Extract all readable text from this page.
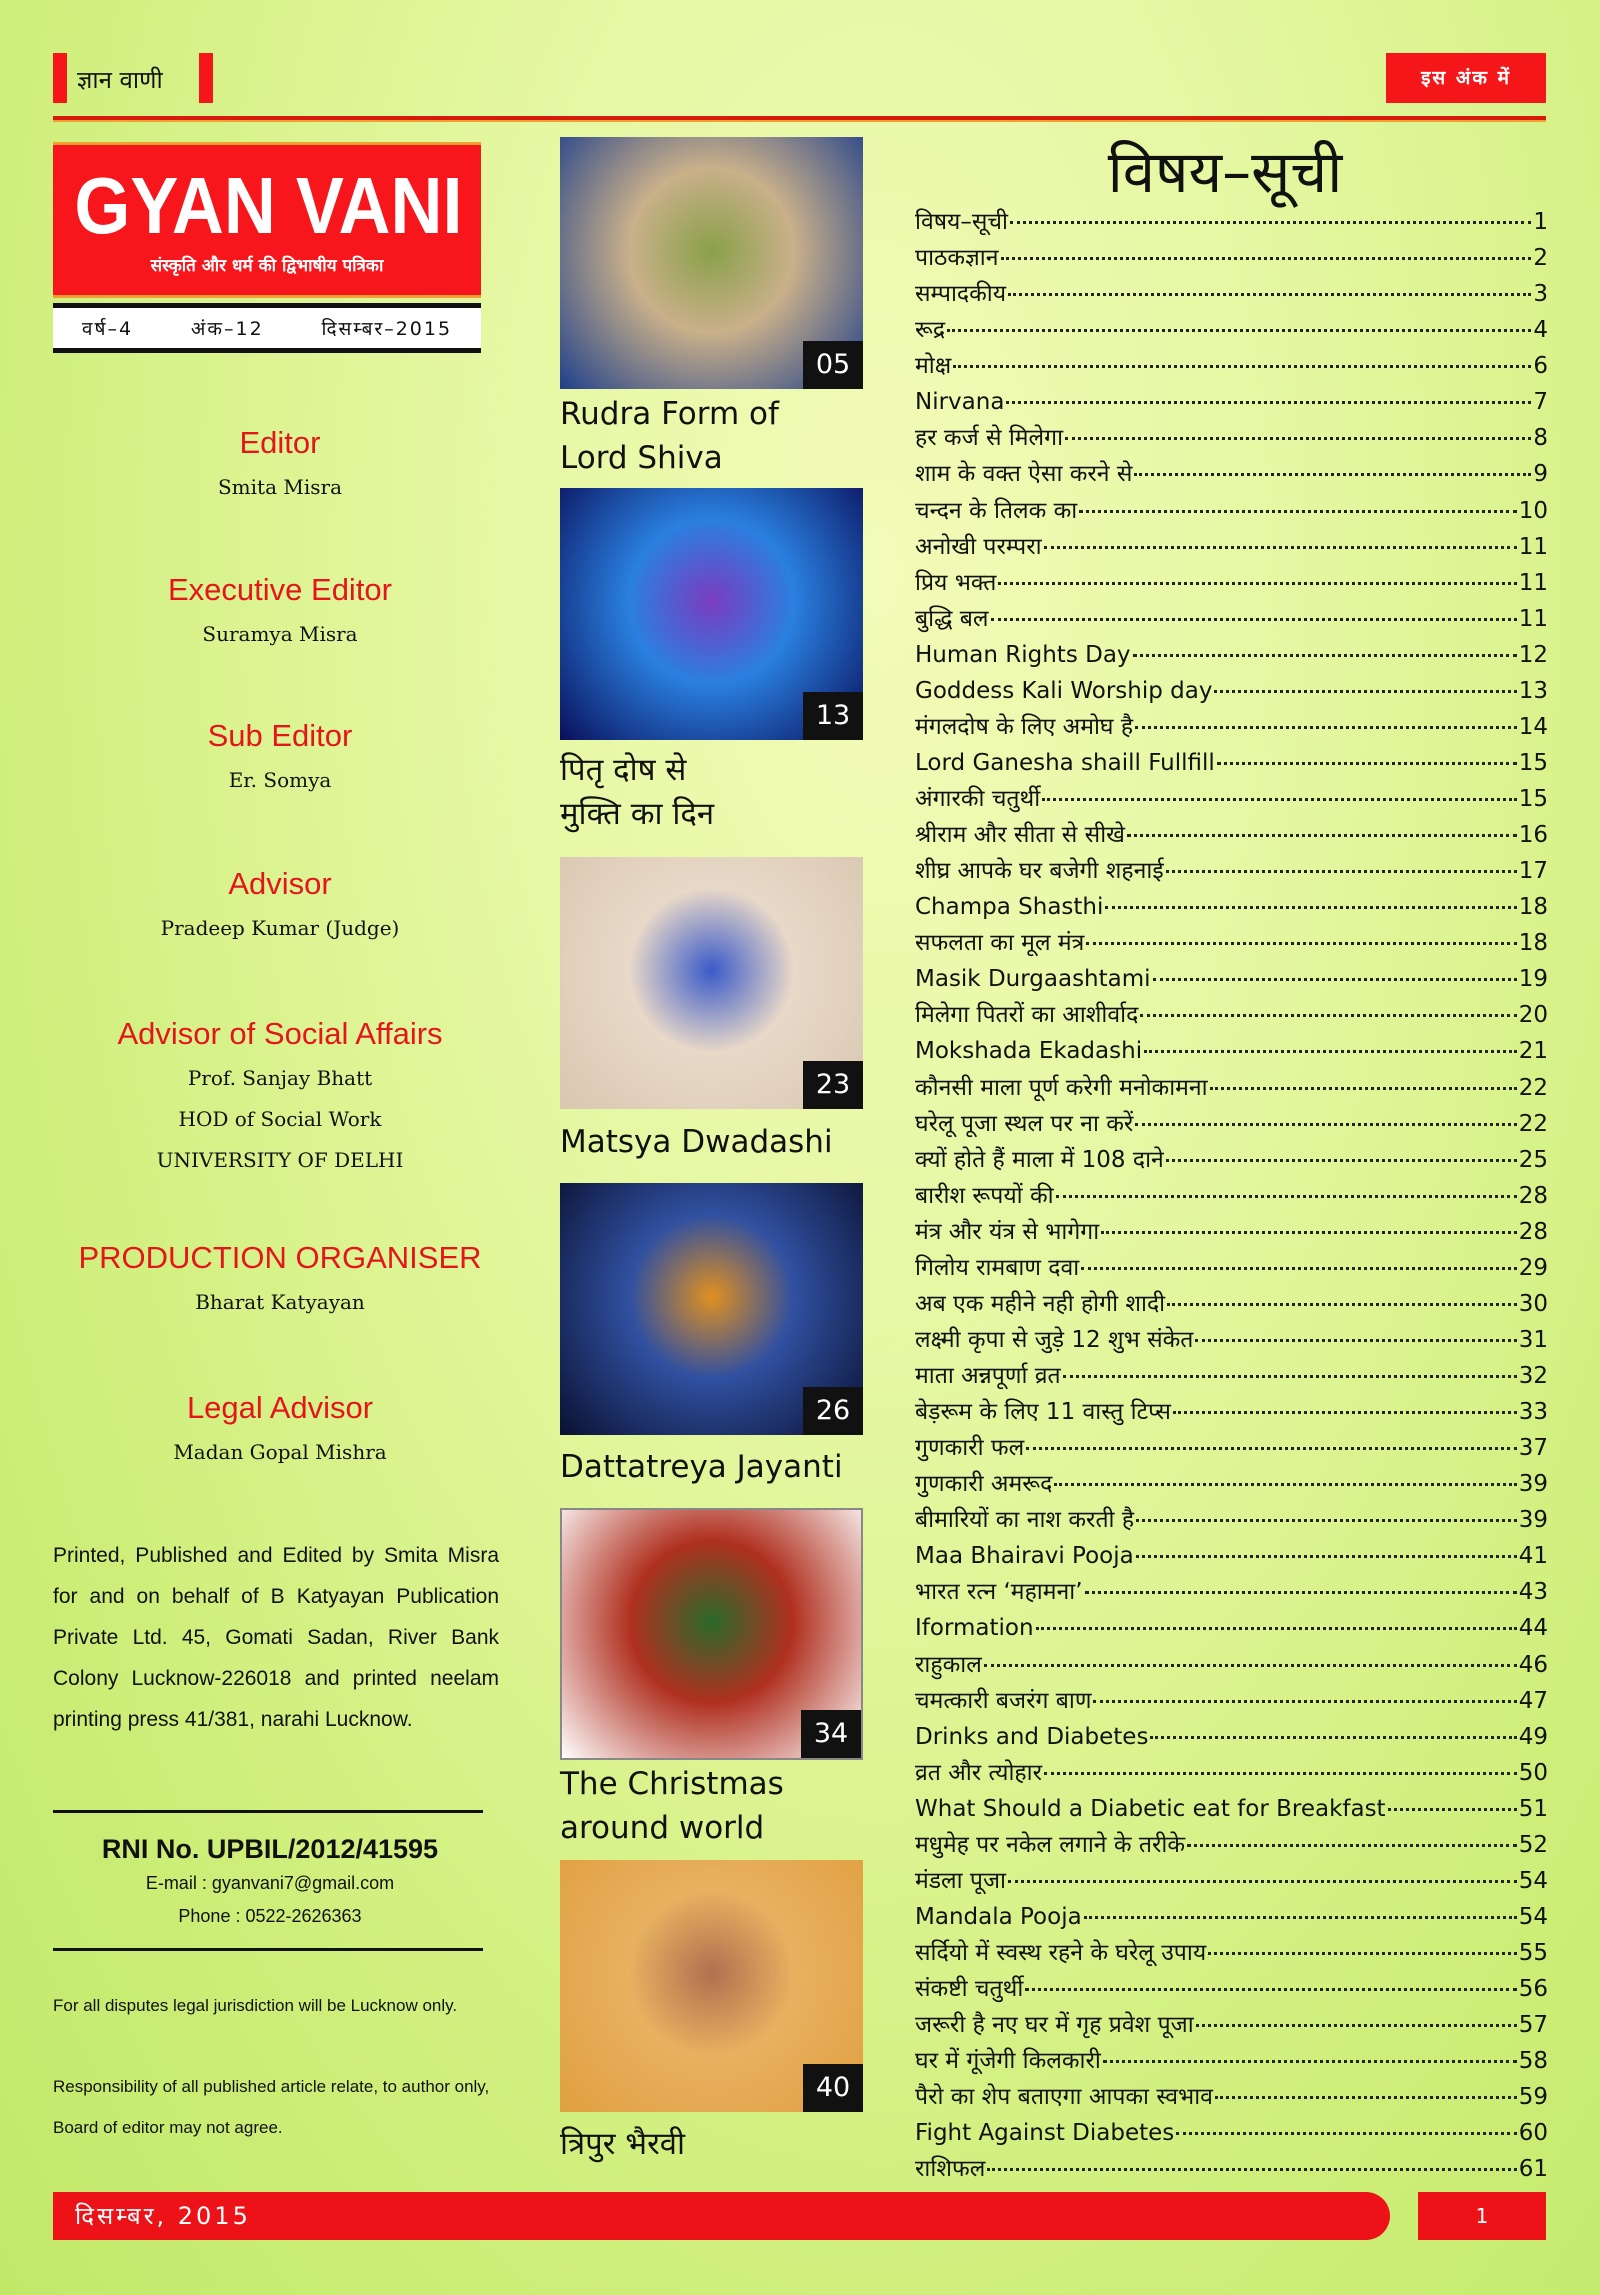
ज्ञान वाणी	इस अंक में
GYAN VANI
संस्कृति और धर्म की द्विभाषीय पत्रिका
वर्ष–4	अंक–12	दिसम्बर–2015
Editor
Smita Misra
Executive Editor
Suramya Misra
Sub Editor
Er. Somya
Advisor
Pradeep Kumar (Judge)
Advisor of Social Affairs
Prof. Sanjay Bhatt
HOD of Social Work
UNIVERSITY OF DELHI
PRODUCTION ORGANISER
Bharat Katyayan
Legal Advisor
Madan Gopal Mishra
Printed, Published and Edited by Smita Misra for and on behalf of B Katyayan Publication Private Ltd. 45, Gomati Sadan, River Bank Colony Lucknow-226018 and printed neelam printing press 41/381, narahi Lucknow.
RNI No. UPBIL/2012/41595
E-mail : gyanvani7@gmail.com
Phone : 0522-2626363
For all disputes legal jurisdiction will be Lucknow only.
Responsibility of all published article relate, to author only, Board of editor may not agree.
05
Rudra Form of
Lord Shiva
13
पितृ दोष से
मुक्ति का दिन
23
Matsya Dwadashi
26
Dattatreya Jayanti
34
The Christmas
around world
40
त्रिपुर भैरवी
विषय–सूची
विषय–सूची	1
पाठकज्ञान	2
सम्पादकीय	3
रूद्र	4
मोक्ष	6
Nirvana	7
हर कर्ज से मिलेगा	8
शाम के वक्त ऐसा करने से	9
चन्दन के तिलक का	10
अनोखी परम्परा	11
प्रिय भक्त	11
बुद्धि बल	11
Human Rights Day	12
Goddess Kali Worship day	13
मंगलदोष के लिए अमोघ है	14
Lord Ganesha shaill Fullfill	15
अंगारकी चतुर्थी	15
श्रीराम और सीता से सीखे	16
शीघ्र आपके घर बजेगी शहनाई	17
Champa Shasthi	18
सफलता का मूल मंत्र	18
Masik Durgaashtami	19
मिलेगा पितरों का आशीर्वाद	20
Mokshada Ekadashi	21
कौनसी माला पूर्ण करेगी मनोकामना	22
घरेलू पूजा स्थल पर ना करें	22
क्यों होते हैं माला में 108 दाने	25
बारीश रूपयों की	28
मंत्र और यंत्र से भागेगा	28
गिलोय रामबाण दवा	29
अब एक महीने नही होगी शादी	30
लक्ष्मी कृपा से जुड़े 12 शुभ संकेत	31
माता अन्नपूर्णा व्रत	32
बेड़रूम के लिए 11 वास्तु टिप्स	33
गुणकारी फल	37
गुणकारी अमरूद	39
बीमारियों का नाश करती है	39
Maa Bhairavi Pooja	41
भारत रत्न ‘महामना’	43
Iformation	44
राहुकाल	46
चमत्कारी बजरंग बाण	47
Drinks and Diabetes	49
व्रत और त्योहार	50
What Should a Diabetic eat for Breakfast	51
मधुमेह पर नकेल लगाने के तरीके	52
मंडला पूजा	54
Mandala Pooja	54
सर्दियो में स्वस्थ रहने के घरेलू उपाय	55
संकष्टी चतुर्थी	56
जरूरी है नए घर में गृह प्रवेश पूजा	57
घर में गूंजेगी किलकारी	58
पैरो का शेप बताएगा आपका स्वभाव	59
Fight Against Diabetes	60
राशिफल	61
दिसम्बर, 2015	1
